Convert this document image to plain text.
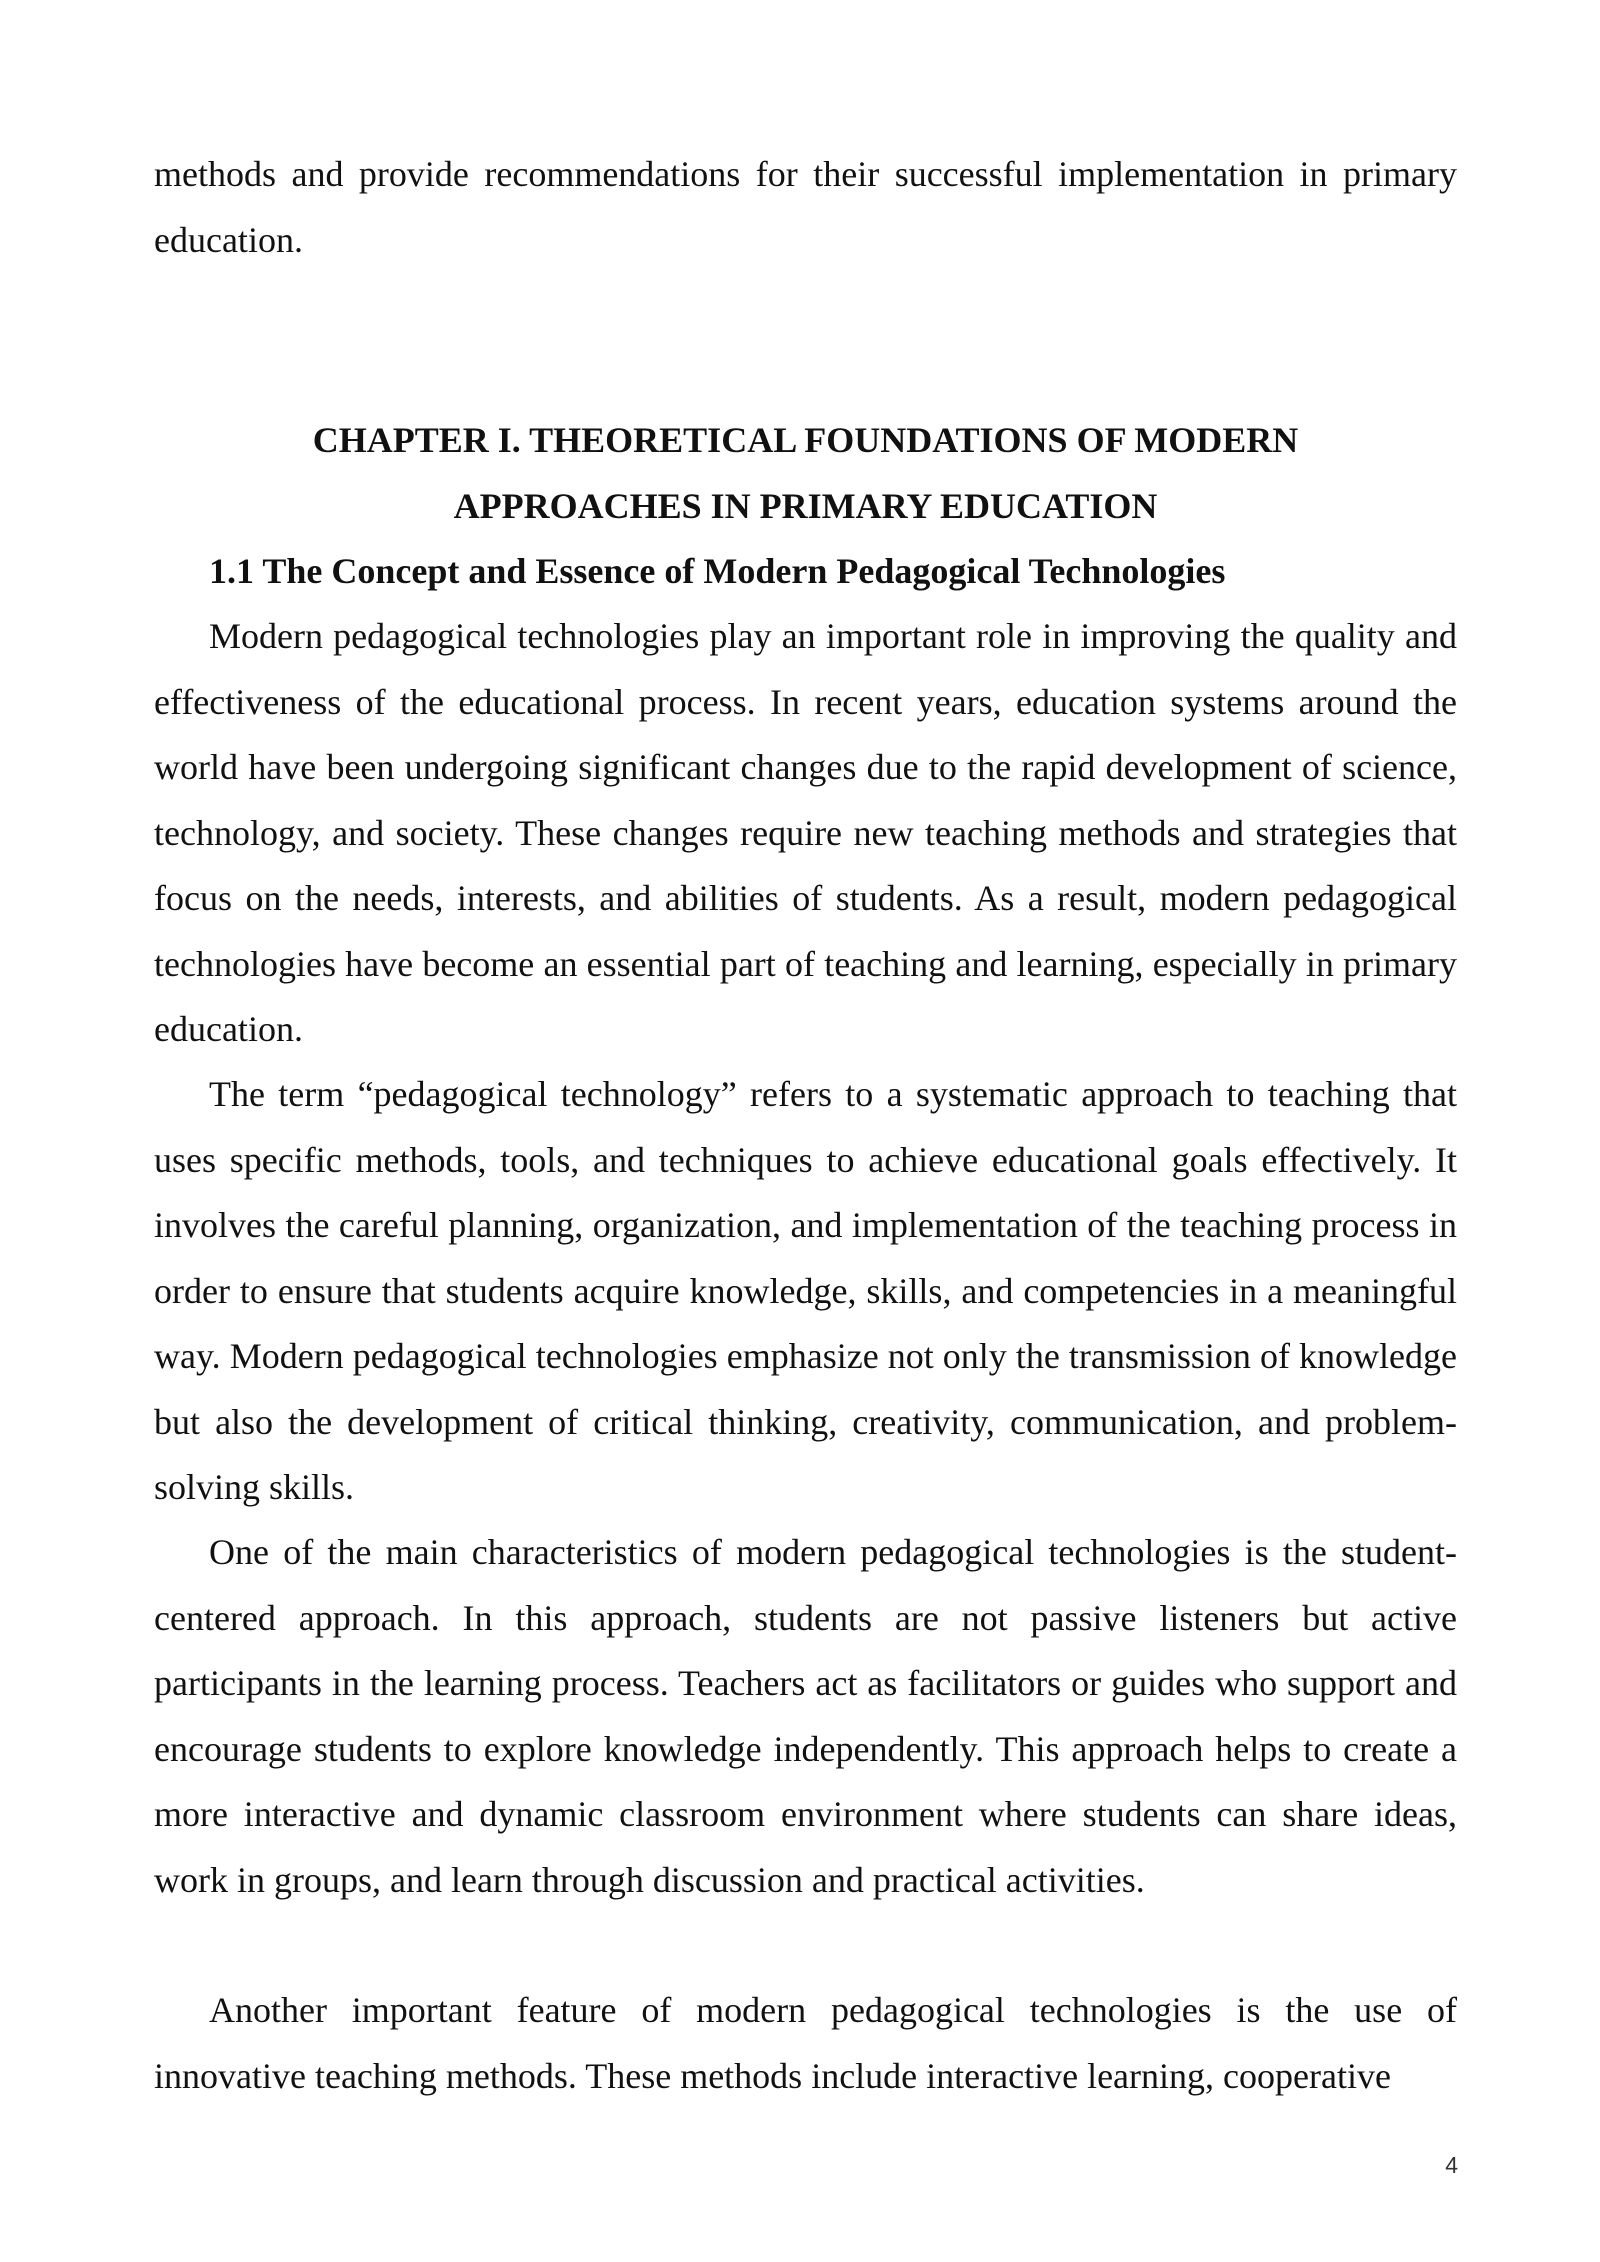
methods and provide recommendations for their successful implementation in primary education.

CHAPTER I. THEORETICAL FOUNDATIONS OF MODERN
APPROACHES IN PRIMARY EDUCATION
1.1 The Concept and Essence of Modern Pedagogical Technologies

Modern pedagogical technologies play an important role in improving the quality and effectiveness of the educational process. In recent years, education systems around the world have been undergoing significant changes due to the rapid development of science, technology, and society. These changes require new teaching methods and strategies that focus on the needs, interests, and abilities of students. As a result, modern pedagogical technologies have become an essential part of teaching and learning, especially in primary education.

The term “pedagogical technology” refers to a systematic approach to teaching that uses specific methods, tools, and techniques to achieve educational goals effectively. It involves the careful planning, organization, and implementation of the teaching process in order to ensure that students acquire knowledge, skills, and competencies in a meaningful way. Modern pedagogical technologies emphasize not only the transmission of knowledge but also the development of critical thinking, creativity, communication, and problem-solving skills.

One of the main characteristics of modern pedagogical technologies is the student-centered approach. In this approach, students are not passive listeners but active participants in the learning process. Teachers act as facilitators or guides who support and encourage students to explore knowledge independently. This approach helps to create a more interactive and dynamic classroom environment where students can share ideas, work in groups, and learn through discussion and practical activities.

Another important feature of modern pedagogical technologies is the use of innovative teaching methods. These methods include interactive learning, cooperative

4
